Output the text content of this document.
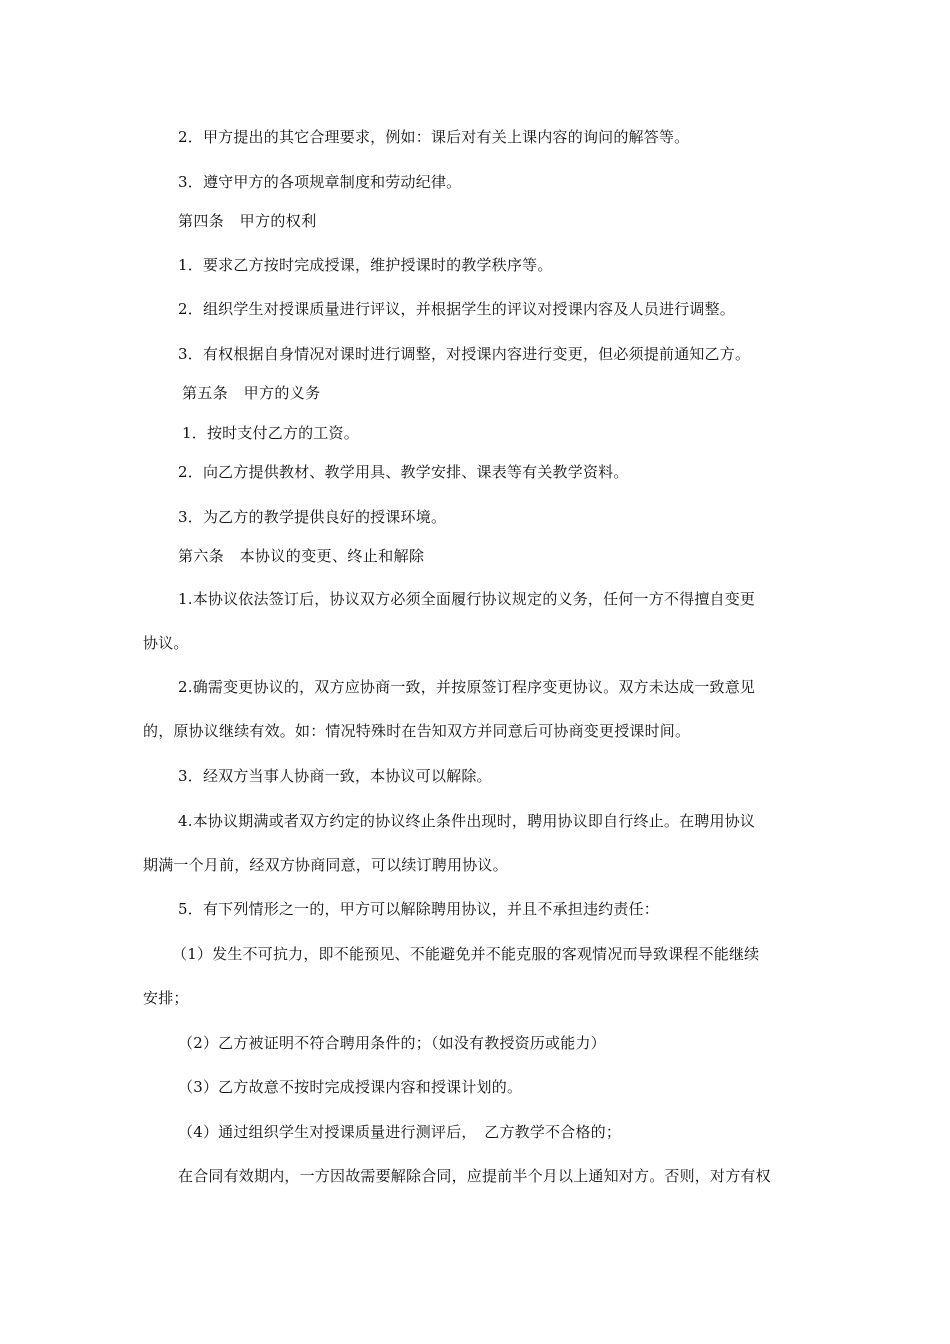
2．甲方提出的其它合理要求，例如：课后对有关上课内容的询问的解答等。
3．遵守甲方的各项规章制度和劳动纪律。
第四条　甲方的权利
1．要求乙方按时完成授课，维护授课时的教学秩序等。
2．组织学生对授课质量进行评议，并根据学生的评议对授课内容及人员进行调整。
3．有权根据自身情况对课时进行调整，对授课内容进行变更，但必须提前通知乙方。
第五条　甲方的义务
1．按时支付乙方的工资。
2．向乙方提供教材、教学用具、教学安排、课表等有关教学资料。
3．为乙方的教学提供良好的授课环境。
第六条　本协议的变更、终止和解除
1.本协议依法签订后，协议双方必须全面履行协议规定的义务，任何一方不得擅自变更
协议。
2.确需变更协议的，双方应协商一致，并按原签订程序变更协议。双方未达成一致意见
的，原协议继续有效。如：情况特殊时在告知双方并同意后可协商变更授课时间。
3．经双方当事人协商一致，本协议可以解除。
4.本协议期满或者双方约定的协议终止条件出现时，聘用协议即自行终止。在聘用协议
期满一个月前，经双方协商同意，可以续订聘用协议。
5．有下列情形之一的，甲方可以解除聘用协议，并且不承担违约责任：
（1）发生不可抗力，即不能预见、不能避免并不能克服的客观情况而导致课程不能继续
安排；
（2）乙方被证明不符合聘用条件的；（如没有教授资历或能力）
（3）乙方故意不按时完成授课内容和授课计划的。
（4）通过组织学生对授课质量进行测评后，　乙方教学不合格的；
在合同有效期内，一方因故需要解除合同，应提前半个月以上通知对方。否则，对方有权
